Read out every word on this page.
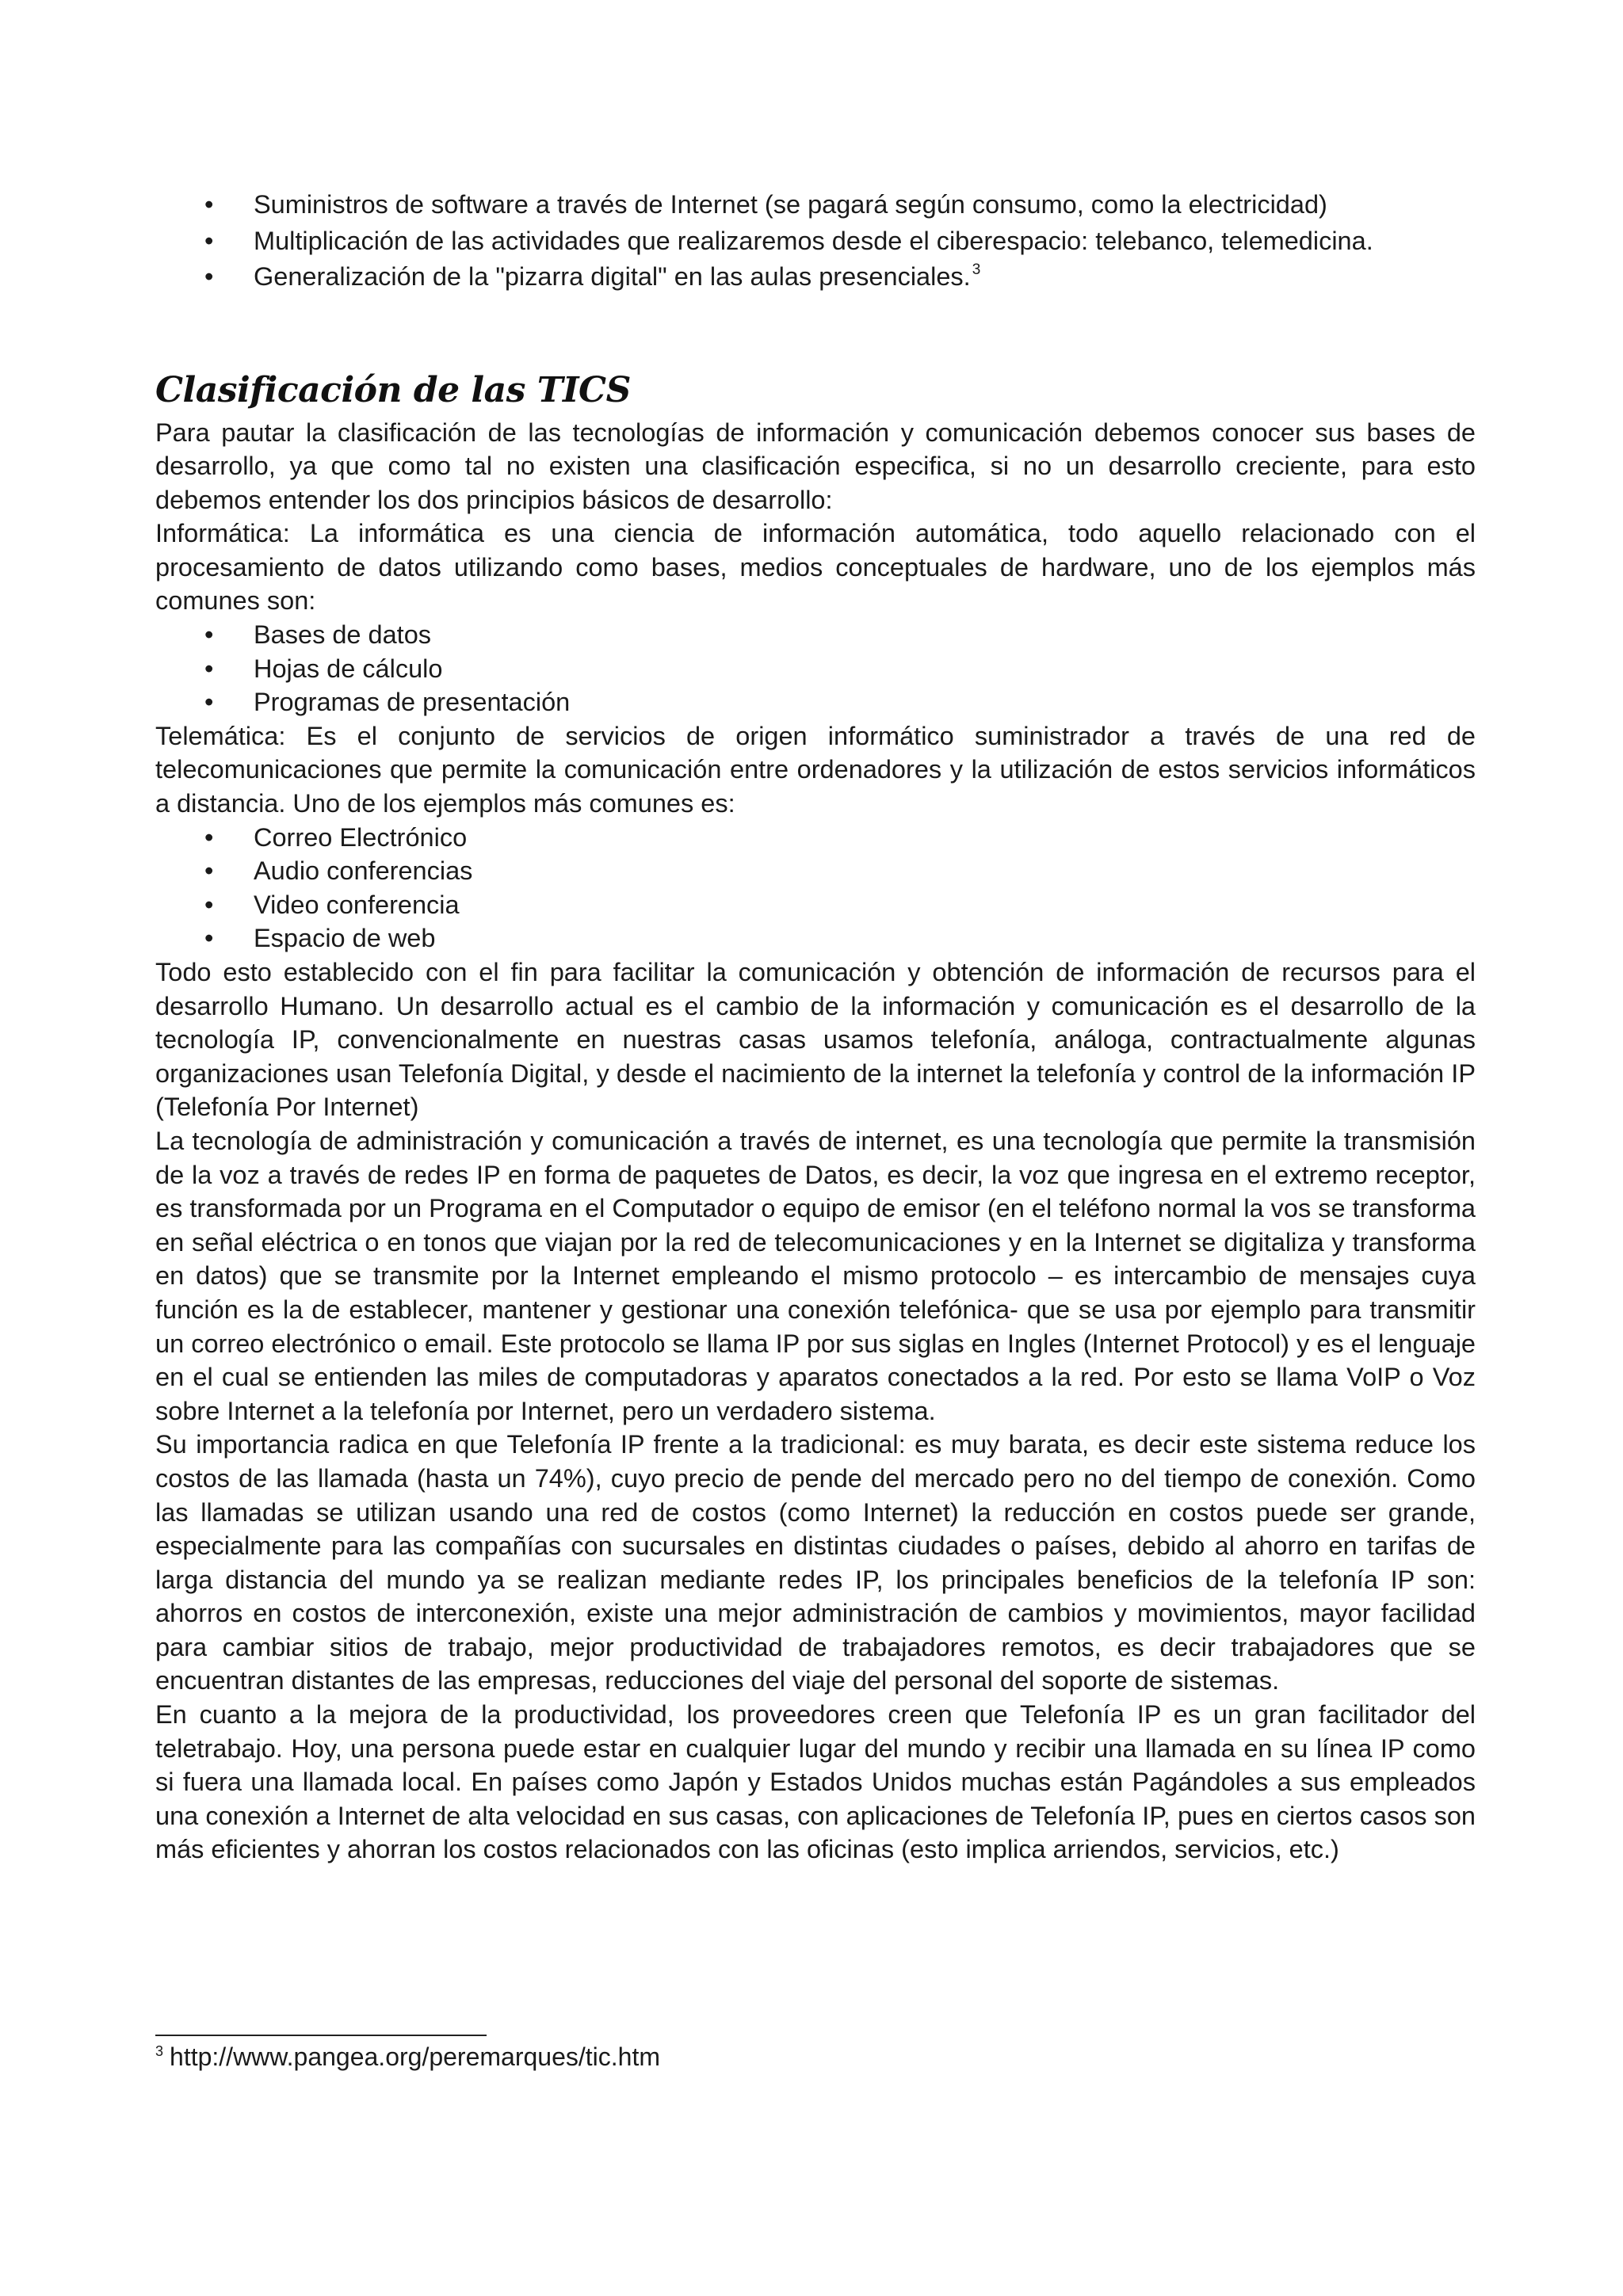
•	Suministros de software a través de Internet (se pagará según consumo, como la electricidad)
•	Multiplicación de las actividades que realizaremos desde el ciberespacio: telebanco, telemedicina.
•	Generalización de la "pizarra digital" en las aulas presenciales. $^3$
Clasificación de las TICS

Para pautar la clasificación de las tecnologías de información y comunicación debemos conocer sus bases de desarrollo, ya que como tal no existen una clasificación especifica, si no un desarrollo creciente, para esto debemos entender los dos principios básicos de desarrollo:

Informática: La informática es una ciencia de información automática, todo aquello relacionado con el procesamiento de datos utilizando como bases, medios conceptuales de hardware, uno de los ejemplos más comunes son:

•	Bases de datos
•	Hojas de cálculo
•	Programas de presentación

Telemática: Es el conjunto de servicios de origen informático suministrador a través de una red de telecomunicaciones que permite la comunicación entre ordenadores y la utilización de estos servicios informáticos a distancia. Uno de los ejemplos más comunes es:

•	Correo Electrónico
•	Audio conferencias
•	Video conferencia
•	Espacio de web

Todo esto establecido con el fin para facilitar la comunicación y obtención de información de recursos para el desarrollo Humano. Un desarrollo actual es el cambio de la información y comunicación es el desarrollo de la tecnología IP, convencionalmente en nuestras casas usamos telefonía, análoga, contractualmente algunas organizaciones usan Telefonía Digital, y desde el nacimiento de la internet la telefonía y control de la información IP (Telefonía Por Internet)

La tecnología de administración y comunicación a través de internet, es una tecnología que permite la transmisión de la voz a través de redes IP en forma de paquetes de Datos, es decir, la voz que ingresa en el extremo receptor, es transformada por un Programa en el Computador o equipo de emisor (en el teléfono normal la vos se transforma en señal eléctrica o en tonos que viajan por la red de telecomunicaciones y en la Internet se digitaliza y transforma en datos) que se transmite por la Internet empleando el mismo protocolo – es intercambio de mensajes cuya función es la de establecer, mantener y gestionar una conexión telefónica- que se usa por ejemplo para transmitir un correo electrónico o email. Este protocolo se llama IP por sus siglas en Ingles (Internet Protocol) y es el lenguaje en el cual se entienden las miles de computadoras y aparatos conectados a la red. Por esto se llama VoIP o Voz sobre Internet a la telefonía por Internet, pero un verdadero sistema.

Su importancia radica en que Telefonía IP frente a la tradicional: es muy barata, es decir este sistema reduce los costos de las llamada (hasta un 74%), cuyo precio de pende del mercado pero no del tiempo de conexión. Como las llamadas se utilizan usando una red de costos (como Internet) la reducción en costos puede ser grande, especialmente para las compañías con sucursales en distintas ciudades o países, debido al ahorro en tarifas de larga distancia del mundo ya se realizan mediante redes IP, los principales beneficios de la telefonía IP son: ahorros en costos de interconexión, existe una mejor administración de cambios y movimientos, mayor facilidad para cambiar sitios de trabajo, mejor productividad de trabajadores remotos, es decir trabajadores que se encuentran distantes de las empresas, reducciones del viaje del personal del soporte de sistemas.

En cuanto a la mejora de la productividad, los proveedores creen que Telefonía IP es un gran facilitador del teletrabajo. Hoy, una persona puede estar en cualquier lugar del mundo y recibir una llamada en su línea IP como si fuera una llamada local. En países como Japón y Estados Unidos muchas están Pagándoles a sus empleados una conexión a Internet de alta velocidad en sus casas, con aplicaciones de Telefonía IP, pues en ciertos casos son más eficientes y ahorran los costos relacionados con las oficinas (esto implica arriendos, servicios, etc.)

$^3$ http://www.pangea.org/peremarques/tic.htm
